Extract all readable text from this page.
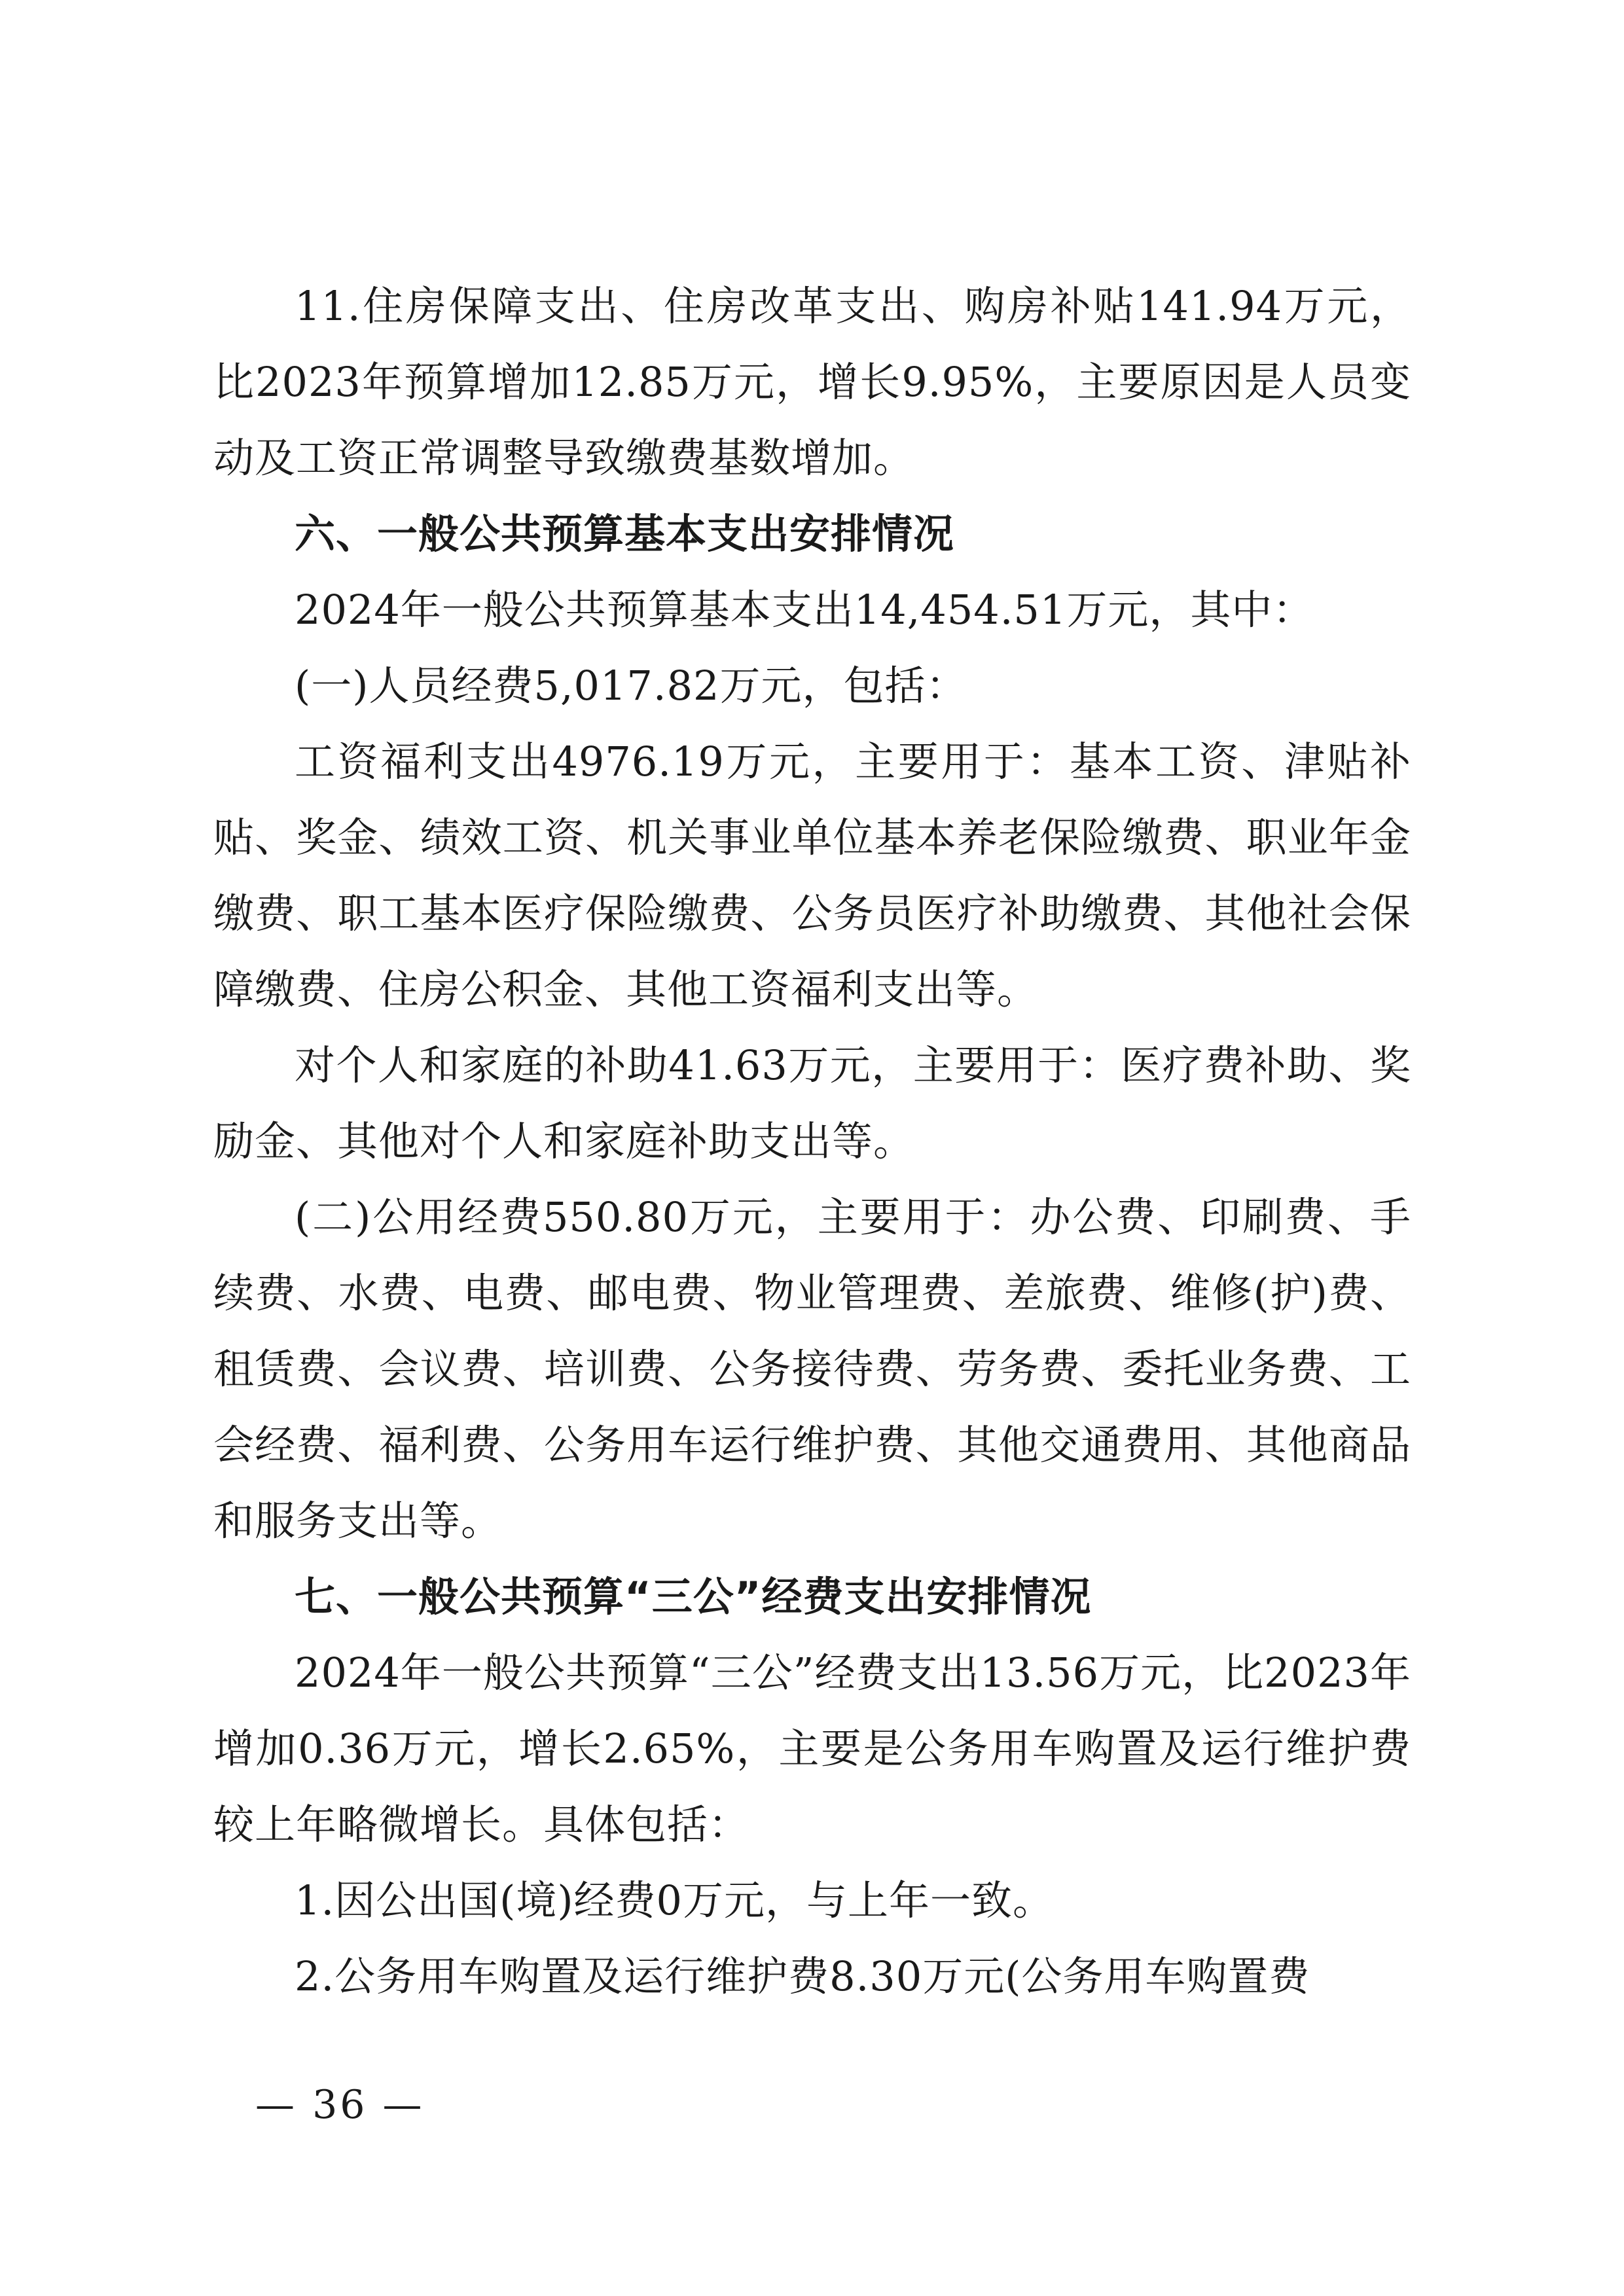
11.住房保障支出、住房改革支出、购房补贴141.94万元，比2023年预算增加12.85万元，增长9.95%，主要原因是人员变动及工资正常调整导致缴费基数增加。

六、一般公共预算基本支出安排情况

2024年一般公共预算基本支出14,454.51万元，其中：

(一)人员经费5,017.82万元，包括：

工资福利支出4976.19万元，主要用于：基本工资、津贴补贴、奖金、绩效工资、机关事业单位基本养老保险缴费、职业年金缴费、职工基本医疗保险缴费、公务员医疗补助缴费、其他社会保障缴费、住房公积金、其他工资福利支出等。

对个人和家庭的补助41.63万元，主要用于：医疗费补助、奖励金、其他对个人和家庭补助支出等。

(二)公用经费550.80万元，主要用于：办公费、印刷费、手续费、水费、电费、邮电费、物业管理费、差旅费、维修(护)费、租赁费、会议费、培训费、公务接待费、劳务费、委托业务费、工会经费、福利费、公务用车运行维护费、其他交通费用、其他商品和服务支出等。

七、一般公共预算“三公”经费支出安排情况

2024年一般公共预算“三公”经费支出13.56万元，比2023年增加0.36万元，增长2.65%，主要是公务用车购置及运行维护费较上年略微增长。具体包括：

1.因公出国(境)经费0万元，与上年一致。

2.公务用车购置及运行维护费8.30万元(公务用车购置费

— 36 —
